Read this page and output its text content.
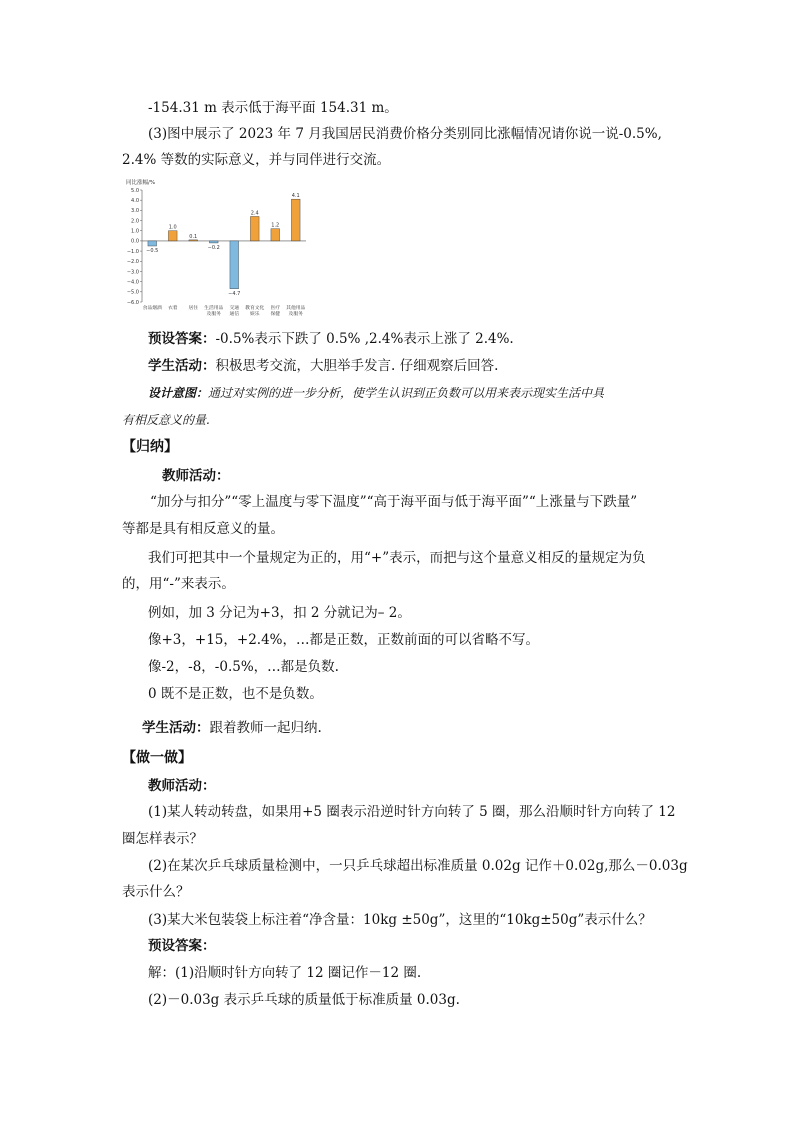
-154.31 m 表示低于海平面 154.31 m。
(3)图中展示了 2023 年 7 月我国居民消费价格分类别同比涨幅情况请你说一说-0.5%,
2.4% 等数的实际意义，并与同伴进行交流。
同比涨幅/%
5.0
4.0
3.0
2.0
1.0
0.0
−1.0
−2.0
−3.0
−4.0
−5.0
−6.0
−0.5
食品烟酒
1.0
衣着
0.1
居住
−0.2
生活用品
及服务
−4.7
交通
通信
2.4
教育文化
娱乐
1.2
医疗
保健
4.1
其他用品
及服务
预设答案：-0.5%表示下跌了 0.5% ,2.4%表示上涨了 2.4%.
学生活动：积极思考交流，大胆举手发言. 仔细观察后回答.
设计意图：通过对实例的进一步分析，使学生认识到正负数可以用来表示现实生活中具
有相反意义的量.
【归纳】
教师活动：
“加分与扣分”“零上温度与零下温度”“高于海平面与低于海平面”“上涨量与下跌量”
等都是具有相反意义的量。
我们可把其中一个量规定为正的，用“+”表示，而把与这个量意义相反的量规定为负
的，用“-”来表示。
例如，加 3 分记为+3，扣 2 分就记为– 2。
像+3，+15，+2.4%，…都是正数，正数前面的可以省略不写。
像-2，-8，-0.5%，…都是负数.
0 既不是正数，也不是负数。
学生活动：跟着教师一起归纳.
【做一做】
教师活动：
(1)某人转动转盘，如果用+5 圈表示沿逆时针方向转了 5 圈，那么沿顺时针方向转了 12
圈怎样表示？
(2)在某次乒乓球质量检测中，一只乒乓球超出标准质量 0.02g 记作＋0.02g,那么－0.03g
表示什么？
(3)某大米包装袋上标注着“净含量：10kg ±50g”，这里的“10kg±50g”表示什么？
预设答案：
解：(1)沿顺时针方向转了 12 圈记作－12 圈.
(2)－0.03g 表示乒乓球的质量低于标准质量 0.03g.
